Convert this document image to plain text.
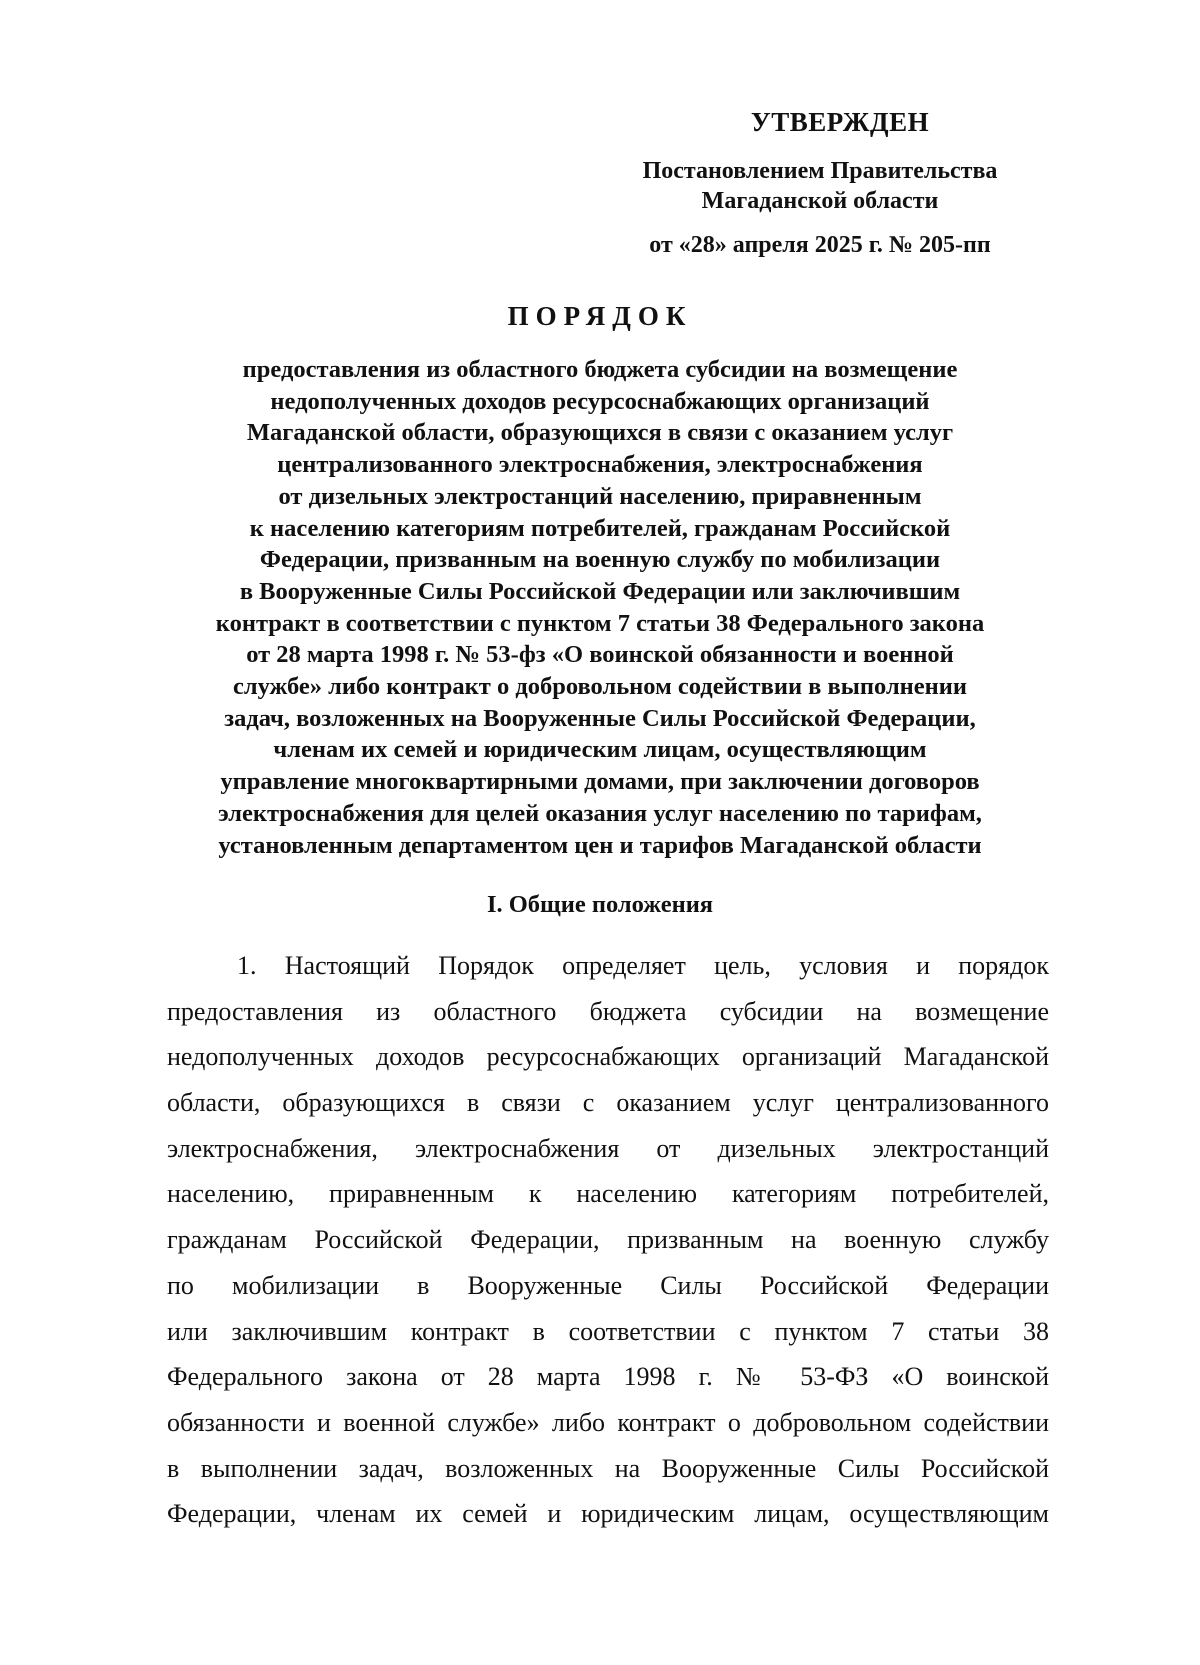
УТВЕРЖДЕН
Постановлением Правительства
Магаданской области
от «28» апреля 2025 г. № 205-пп
ПОРЯДОК
предоставления из областного бюджета субсидии на возмещение
недополученных доходов ресурсоснабжающих организаций
Магаданской области, образующихся в связи с оказанием услуг
централизованного электроснабжения, электроснабжения
от дизельных электростанций населению, приравненным
к населению категориям потребителей, гражданам Российской
Федерации, призванным на военную службу по мобилизации
в Вооруженные Силы Российской Федерации или заключившим
контракт в соответствии с пунктом 7 статьи 38 Федерального закона
от 28 марта 1998 г. № 53-фз «О воинской обязанности и военной
службе» либо контракт о добровольном содействии в выполнении
задач, возложенных на Вооруженные Силы Российской Федерации,
членам их семей и юридическим лицам, осуществляющим
управление многоквартирными домами, при заключении договоров
электроснабжения для целей оказания услуг населению по тарифам,
установленным департаментом цен и тарифов Магаданской области
I. Общие положения
1. Настоящий Порядок определяет цель, условия и порядок
предоставления из областного бюджета субсидии на возмещение
недополученных доходов ресурсоснабжающих организаций Магаданской
области, образующихся в связи с оказанием услуг централизованного
электроснабжения, электроснабжения от дизельных электростанций
населению, приравненным к населению категориям потребителей,
гражданам Российской Федерации, призванным на военную службу
по мобилизации в Вооруженные Силы Российской Федерации
или заключившим контракт в соответствии с пунктом 7 статьи 38
Федерального закона от 28 марта 1998 г. № 53-ФЗ «О воинской
обязанности и военной службе» либо контракт о добровольном содействии
в выполнении задач, возложенных на Вооруженные Силы Российской
Федерации, членам их семей и юридическим лицам, осуществляющим
